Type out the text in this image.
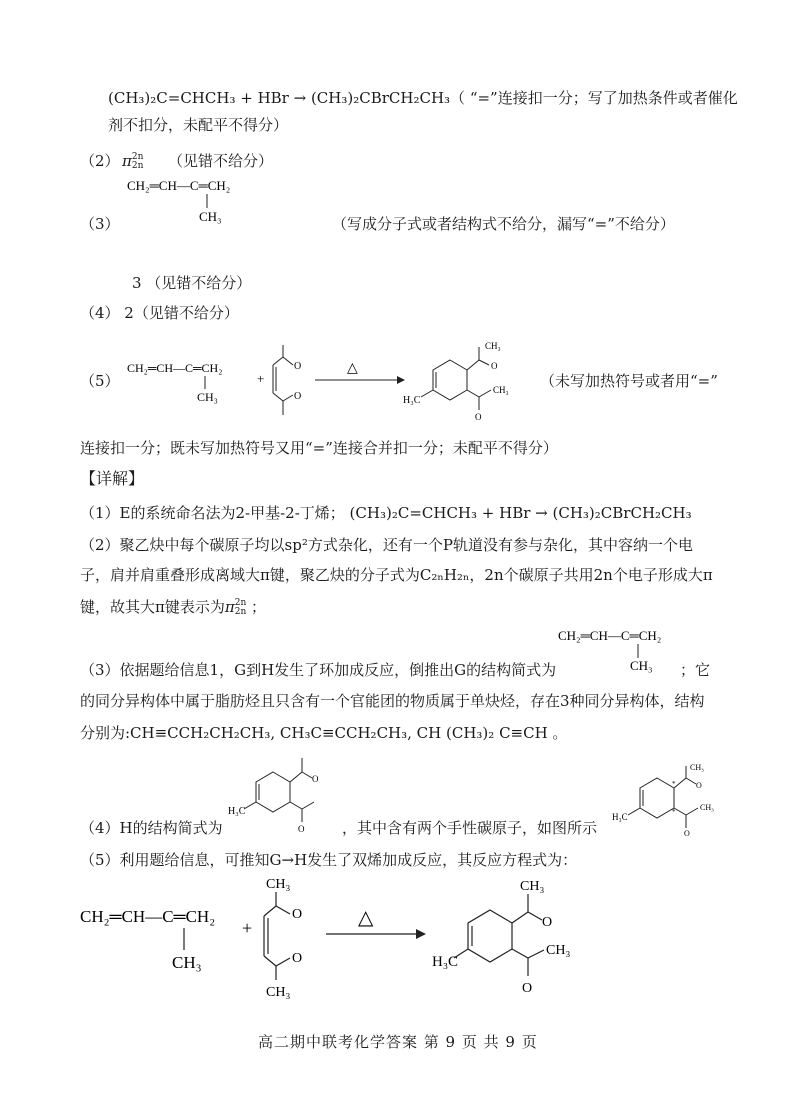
(CH₃)₂C=CHCH₃ + HBr → (CH₃)₂CBrCH₂CH₃（ “=”连接扣一分；写了加热条件或者催化
剂不扣分，未配平不得分）
（2） π2n
2n （见错不给分）
CH₂═CH—C═CH₂
CH₃
（3）	（写成分子式或者结构式不给分，漏写“=”不给分）
3 （见错不给分）
（4） 2（见错不给分）
（5）
CH₂═CH—C═CH₂
CH₃
+
O
O
△
H₃C
CH₃
O
CH₃
O
（未写加热符号或者用“=”
连接扣一分；既未写加热符号又用“=”连接合并扣一分；未配平不得分）
【详解】
（1）E的系统命名法为2-甲基-2-丁烯； (CH₃)₂C=CHCH₃ + HBr → (CH₃)₂CBrCH₂CH₃
（2）聚乙炔中每个碳原子均以sp²方式杂化，还有一个P轨道没有参与杂化，其中容纳一个电
子，肩并肩重叠形成离域大π键，聚乙炔的分子式为C₂ₙH₂ₙ，2n个碳原子共用2n个电子形成大π
键，故其大π键表示为π2n
2n ；
CH₂═CH—C═CH₂
CH₃
（3）依据题给信息1，G到H发生了环加成反应，倒推出G的结构简式为	；它
的同分异构体中属于脂肪烃且只含有一个官能团的物质属于单炔烃，存在3种同分异构体，结构
分别为:CH≡CCH₂CH₂CH₃, CH₃C≡CCH₂CH₃, CH (CH₃)₂ C≡CH 。
H₃C
O
O
（4）H的结构简式为	，其中含有两个手性碳原子，如图所示
H₃C
CH₃
O
CH₃
O
*
*
（5）利用题给信息，可推知G→H发生了双烯加成反应，其反应方程式为：
CH₂═CH—C═CH₂
CH₃
+
CH₃
O
O
CH₃
△
H₃C
CH₃
O
CH₃
O
高二期中联考化学答案 第 9 页 共 9 页
